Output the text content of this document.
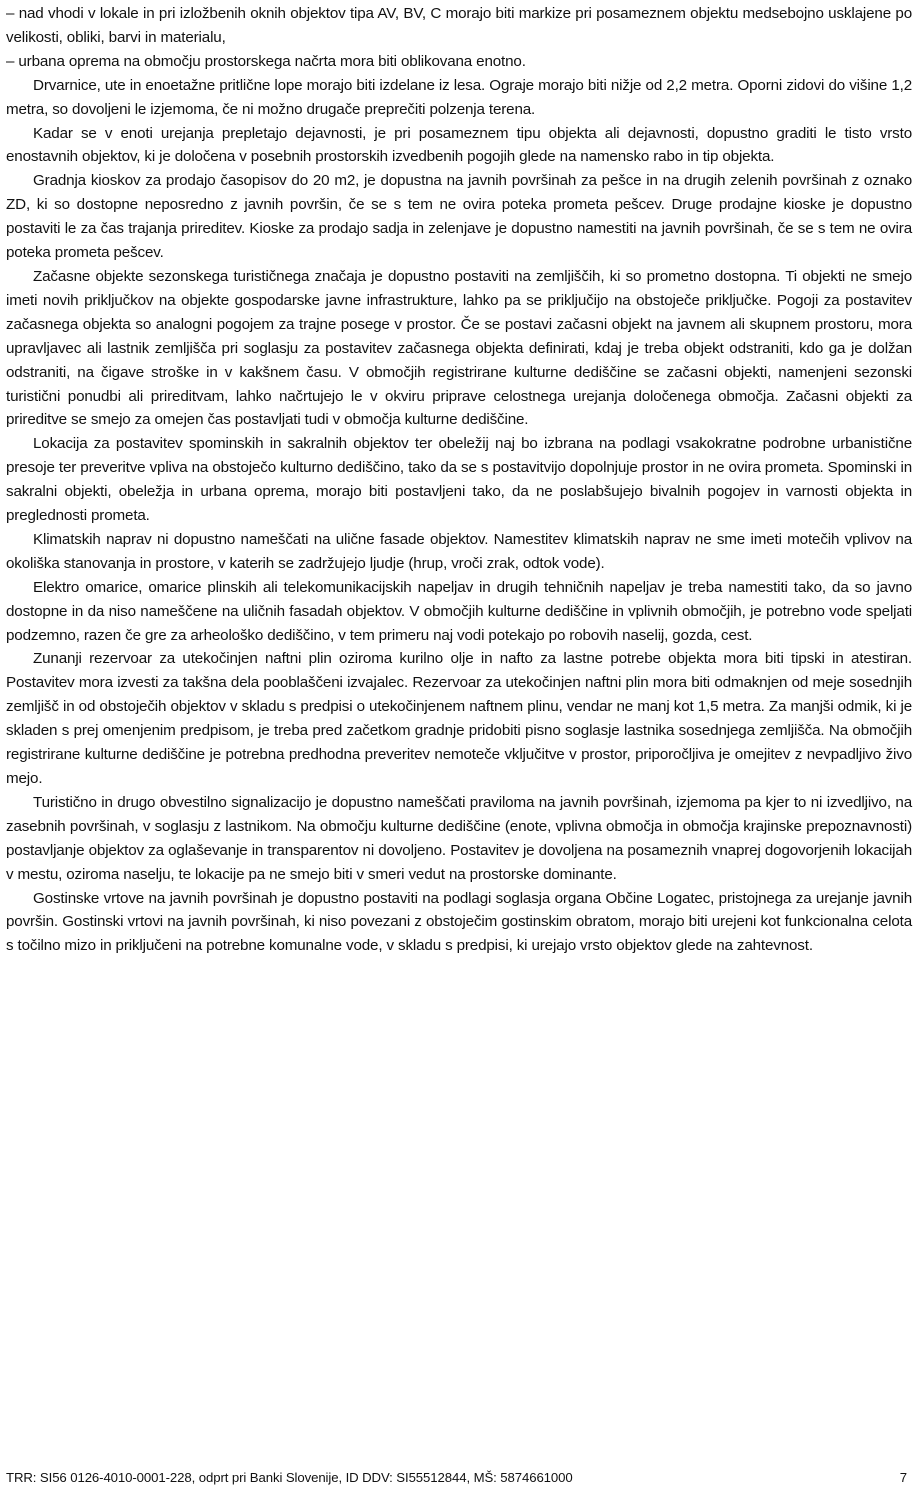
– nad vhodi v lokale in pri izložbenih oknih objektov tipa AV, BV, C morajo biti markize pri posameznem objektu medsebojno usklajene po velikosti, obliki, barvi in materialu,

– urbana oprema na območju prostorskega načrta mora biti oblikovana enotno.

Drvarnice, ute in enoetažne pritlične lope morajo biti izdelane iz lesa. Ograje morajo biti nižje od 2,2 metra. Oporni zidovi do višine 1,2 metra, so dovoljeni le izjemoma, če ni možno drugače preprečiti polzenja terena.

Kadar se v enoti urejanja prepletajo dejavnosti, je pri posameznem tipu objekta ali dejavnosti, dopustno graditi le tisto vrsto enostavnih objektov, ki je določena v posebnih prostorskih izvedbenih pogojih glede na namensko rabo in tip objekta.

Gradnja kioskov za prodajo časopisov do 20 m2, je dopustna na javnih površinah za pešce in na drugih zelenih površinah z oznako ZD, ki so dostopne neposredno z javnih površin, če se s tem ne ovira poteka prometa pešcev. Druge prodajne kioske je dopustno postaviti le za čas trajanja prireditev. Kioske za prodajo sadja in zelenjave je dopustno namestiti na javnih površinah, če se s tem ne ovira poteka prometa pešcev.

Začasne objekte sezonskega turističnega značaja je dopustno postaviti na zemljiščih, ki so prometno dostopna. Ti objekti ne smejo imeti novih priključkov na objekte gospodarske javne infrastrukture, lahko pa se priključijo na obstoječe priključke. Pogoji za postavitev začasnega objekta so analogni pogojem za trajne posege v prostor. Če se postavi začasni objekt na javnem ali skupnem prostoru, mora upravljavec ali lastnik zemljišča pri soglasju za postavitev začasnega objekta definirati, kdaj je treba objekt odstraniti, kdo ga je dolžan odstraniti, na čigave stroške in v kakšnem času. V območjih registrirane kulturne dediščine se začasni objekti, namenjeni sezonski turistični ponudbi ali prireditvam, lahko načrtujejo le v okviru priprave celostnega urejanja določenega območja. Začasni objekti za prireditve se smejo za omejen čas postavljati tudi v območja kulturne dediščine.

Lokacija za postavitev spominskih in sakralnih objektov ter obeležij naj bo izbrana na podlagi vsakokratne podrobne urbanistične presoje ter preveritve vpliva na obstoječo kulturno dediščino, tako da se s postavitvijo dopolnjuje prostor in ne ovira prometa. Spominski in sakralni objekti, obeležja in urbana oprema, morajo biti postavljeni tako, da ne poslabšujejo bivalnih pogojev in varnosti objekta in preglednosti prometa.

Klimatskih naprav ni dopustno nameščati na ulične fasade objektov. Namestitev klimatskih naprav ne sme imeti motečih vplivov na okoliška stanovanja in prostore, v katerih se zadržujejo ljudje (hrup, vroči zrak, odtok vode).

Elektro omarice, omarice plinskih ali telekomunikacijskih napeljav in drugih tehničnih napeljav je treba namestiti tako, da so javno dostopne in da niso nameščene na uličnih fasadah objektov. V območjih kulturne dediščine in vplivnih območjih, je potrebno vode speljati podzemno, razen če gre za arheološko dediščino, v tem primeru naj vodi potekajo po robovih naselij, gozda, cest.

Zunanji rezervoar za utekočinjen naftni plin oziroma kurilno olje in nafto za lastne potrebe objekta mora biti tipski in atestiran. Postavitev mora izvesti za takšna dela pooblaščeni izvajalec. Rezervoar za utekočinjen naftni plin mora biti odmaknjen od meje sosednjih zemljišč in od obstoječih objektov v skladu s predpisi o utekočinjenem naftnem plinu, vendar ne manj kot 1,5 metra. Za manjši odmik, ki je skladen s prej omenjenim predpisom, je treba pred začetkom gradnje pridobiti pisno soglasje lastnika sosednjega zemljišča. Na območjih registrirane kulturne dediščine je potrebna predhodna preveritev nemoteče vključitve v prostor, priporočljiva je omejitev z nevpadljivo živo mejo.

Turistično in drugo obvestilno signalizacijo je dopustno nameščati praviloma na javnih površinah, izjemoma pa kjer to ni izvedljivo, na zasebnih površinah, v soglasju z lastnikom. Na območju kulturne dediščine (enote, vplivna območja in območja krajinske prepoznavnosti) postavljanje objektov za oglaševanje in transparentov ni dovoljeno. Postavitev je dovoljena na posameznih vnaprej dogovorjenih lokacijah v mestu, oziroma naselju, te lokacije pa ne smejo biti v smeri vedut na prostorske dominante.

Gostinske vrtove na javnih površinah je dopustno postaviti na podlagi soglasja organa Občine Logatec, pristojnega za urejanje javnih površin. Gostinski vrtovi na javnih površinah, ki niso povezani z obstoječim gostinskim obratom, morajo biti urejeni kot funkcionalna celota s točilno mizo in priključeni na potrebne komunalne vode, v skladu s predpisi, ki urejajo vrsto objektov glede na zahtevnost.

TRR: SI56 0126-4010-0001-228, odprt pri Banki Slovenije, ID DDV: SI55512844, MŠ: 5874661000	7
